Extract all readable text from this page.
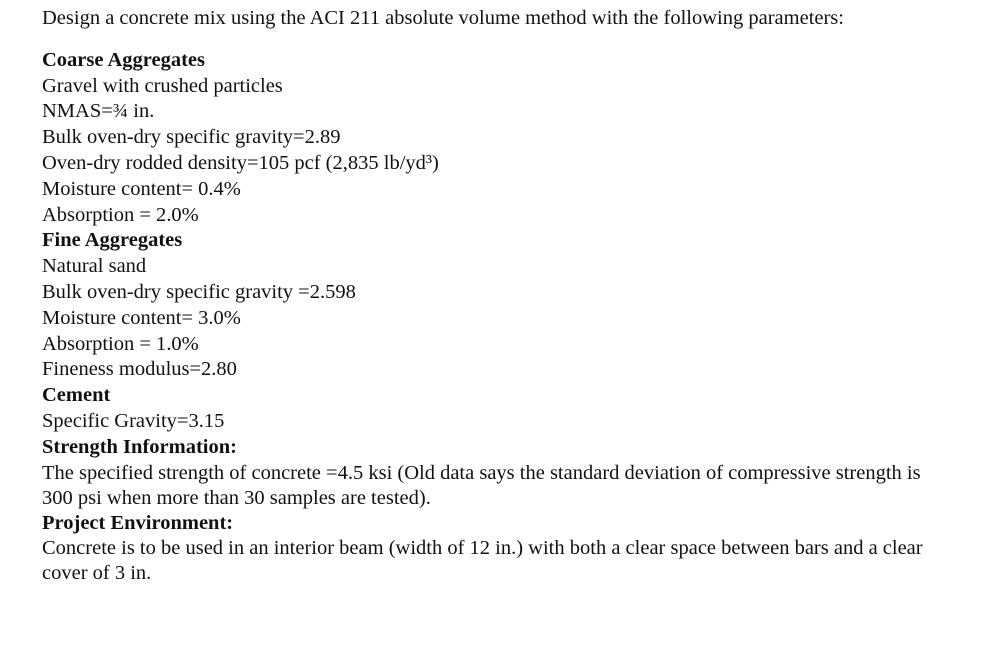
Design a concrete mix using the ACI 211 absolute volume method with the following parameters:

Coarse Aggregates

Gravel with crushed particles

NMAS=¾ in.

Bulk oven-dry specific gravity=2.89

Oven-dry rodded density=105 pcf (2,835 lb/yd³)

Moisture content= 0.4%

Absorption = 2.0%

Fine Aggregates

Natural sand

Bulk oven-dry specific gravity =2.598

Moisture content= 3.0%

Absorption = 1.0%

Fineness modulus=2.80

Cement

Specific Gravity=3.15

Strength Information:

The specified strength of concrete =4.5 ksi (Old data says the standard deviation of compressive strength is 300 psi when more than 30 samples are tested).

Project Environment:

Concrete is to be used in an interior beam (width of 12 in.) with both a clear space between bars and a clear cover of 3 in.
